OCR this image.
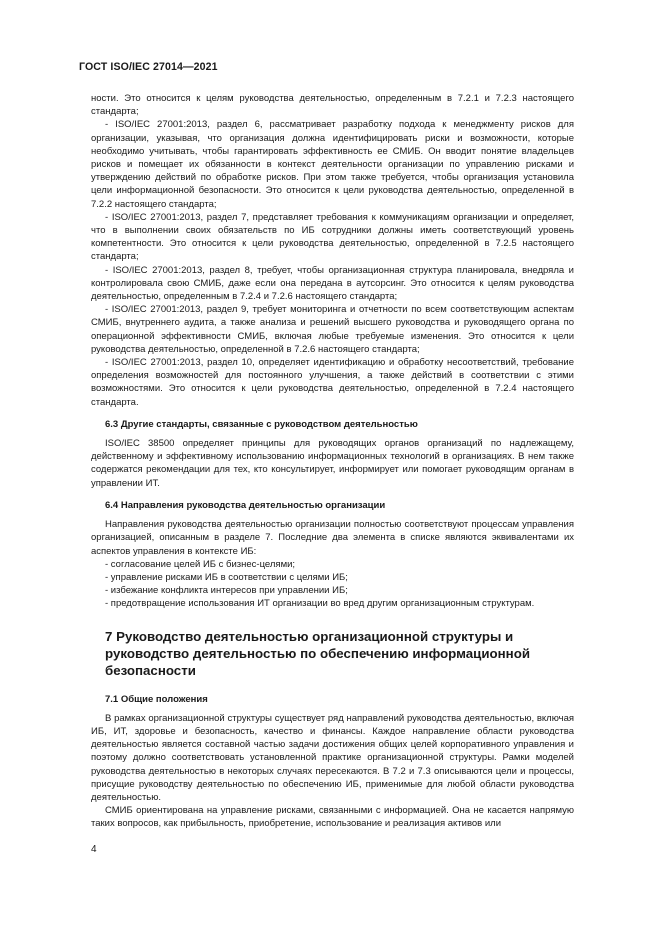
ГОСТ ISO/IEC 27014—2021

ности. Это относится к целям руководства деятельностью, определенным в 7.2.1 и 7.2.3 настоящего стандарта;

- ISO/IEC 27001:2013, раздел 6, рассматривает разработку подхода к менеджменту рисков для организации, указывая, что организация должна идентифицировать риски и возможности, которые необходимо учитывать, чтобы гарантировать эффективность ее СМИБ. Он вводит понятие владельцев рисков и помещает их обязанности в контекст деятельности организации по управлению рисками и утверждению действий по обработке рисков. При этом также требуется, чтобы организация установила цели информационной безопасности. Это относится к цели руководства деятельностью, определенной в 7.2.2 настоящего стандарта;

- ISO/IEC 27001:2013, раздел 7, представляет требования к коммуникациям организации и определяет, что в выполнении своих обязательств по ИБ сотрудники должны иметь соответствующий уровень компетентности. Это относится к цели руководства деятельностью, определенной в 7.2.5 настоящего стандарта;

- ISO/IEC 27001:2013, раздел 8, требует, чтобы организационная структура планировала, внедряла и контролировала свою СМИБ, даже если она передана в аутсорсинг. Это относится к целям руководства деятельностью, определенным в 7.2.4 и 7.2.6 настоящего стандарта;

- ISO/IEC 27001:2013, раздел 9, требует мониторинга и отчетности по всем соответствующим аспектам СМИБ, внутреннего аудита, а также анализа и решений высшего руководства и руководящего органа по операционной эффективности СМИБ, включая любые требуемые изменения. Это относится к цели руководства деятельностью, определенной в 7.2.6 настоящего стандарта;

- ISO/IEC 27001:2013, раздел 10, определяет идентификацию и обработку несоответствий, требование определения возможностей для постоянного улучшения, а также действий в соответствии с этими возможностями. Это относится к цели руководства деятельностью, определенной в 7.2.4 настоящего стандарта.

6.3 Другие стандарты, связанные с руководством деятельностью

ISO/IEC 38500 определяет принципы для руководящих органов организаций по надлежащему, действенному и эффективному использованию информационных технологий в организациях. В нем также содержатся рекомендации для тех, кто консультирует, информирует или помогает руководящим органам в управлении ИТ.

6.4 Направления руководства деятельностью организации

Направления руководства деятельностью организации полностью соответствуют процессам управления организацией, описанным в разделе 7. Последние два элемента в списке являются эквивалентами их аспектов управления в контексте ИБ:

- согласование целей ИБ с бизнес-целями;
- управление рисками ИБ в соответствии с целями ИБ;
- избежание конфликта интересов при управлении ИБ;
- предотвращение использования ИТ организации во вред другим организационным структурам.
7 Руководство деятельностью организационной структуры и руководство деятельностью по обеспечению информационной безопасности
7.1 Общие положения

В рамках организационной структуры существует ряд направлений руководства деятельностью, включая ИБ, ИТ, здоровье и безопасность, качество и финансы. Каждое направление области руководства деятельностью является составной частью задачи достижения общих целей корпоративного управления и поэтому должно соответствовать установленной практике организационной структуры. Рамки моделей руководства деятельностью в некоторых случаях пересекаются. В 7.2 и 7.3 описываются цели и процессы, присущие руководству деятельностью по обеспечению ИБ, применимые для любой области руководства деятельностью.

СМИБ ориентирована на управление рисками, связанными с информацией. Она не касается напрямую таких вопросов, как прибыльность, приобретение, использование и реализация активов или

4
